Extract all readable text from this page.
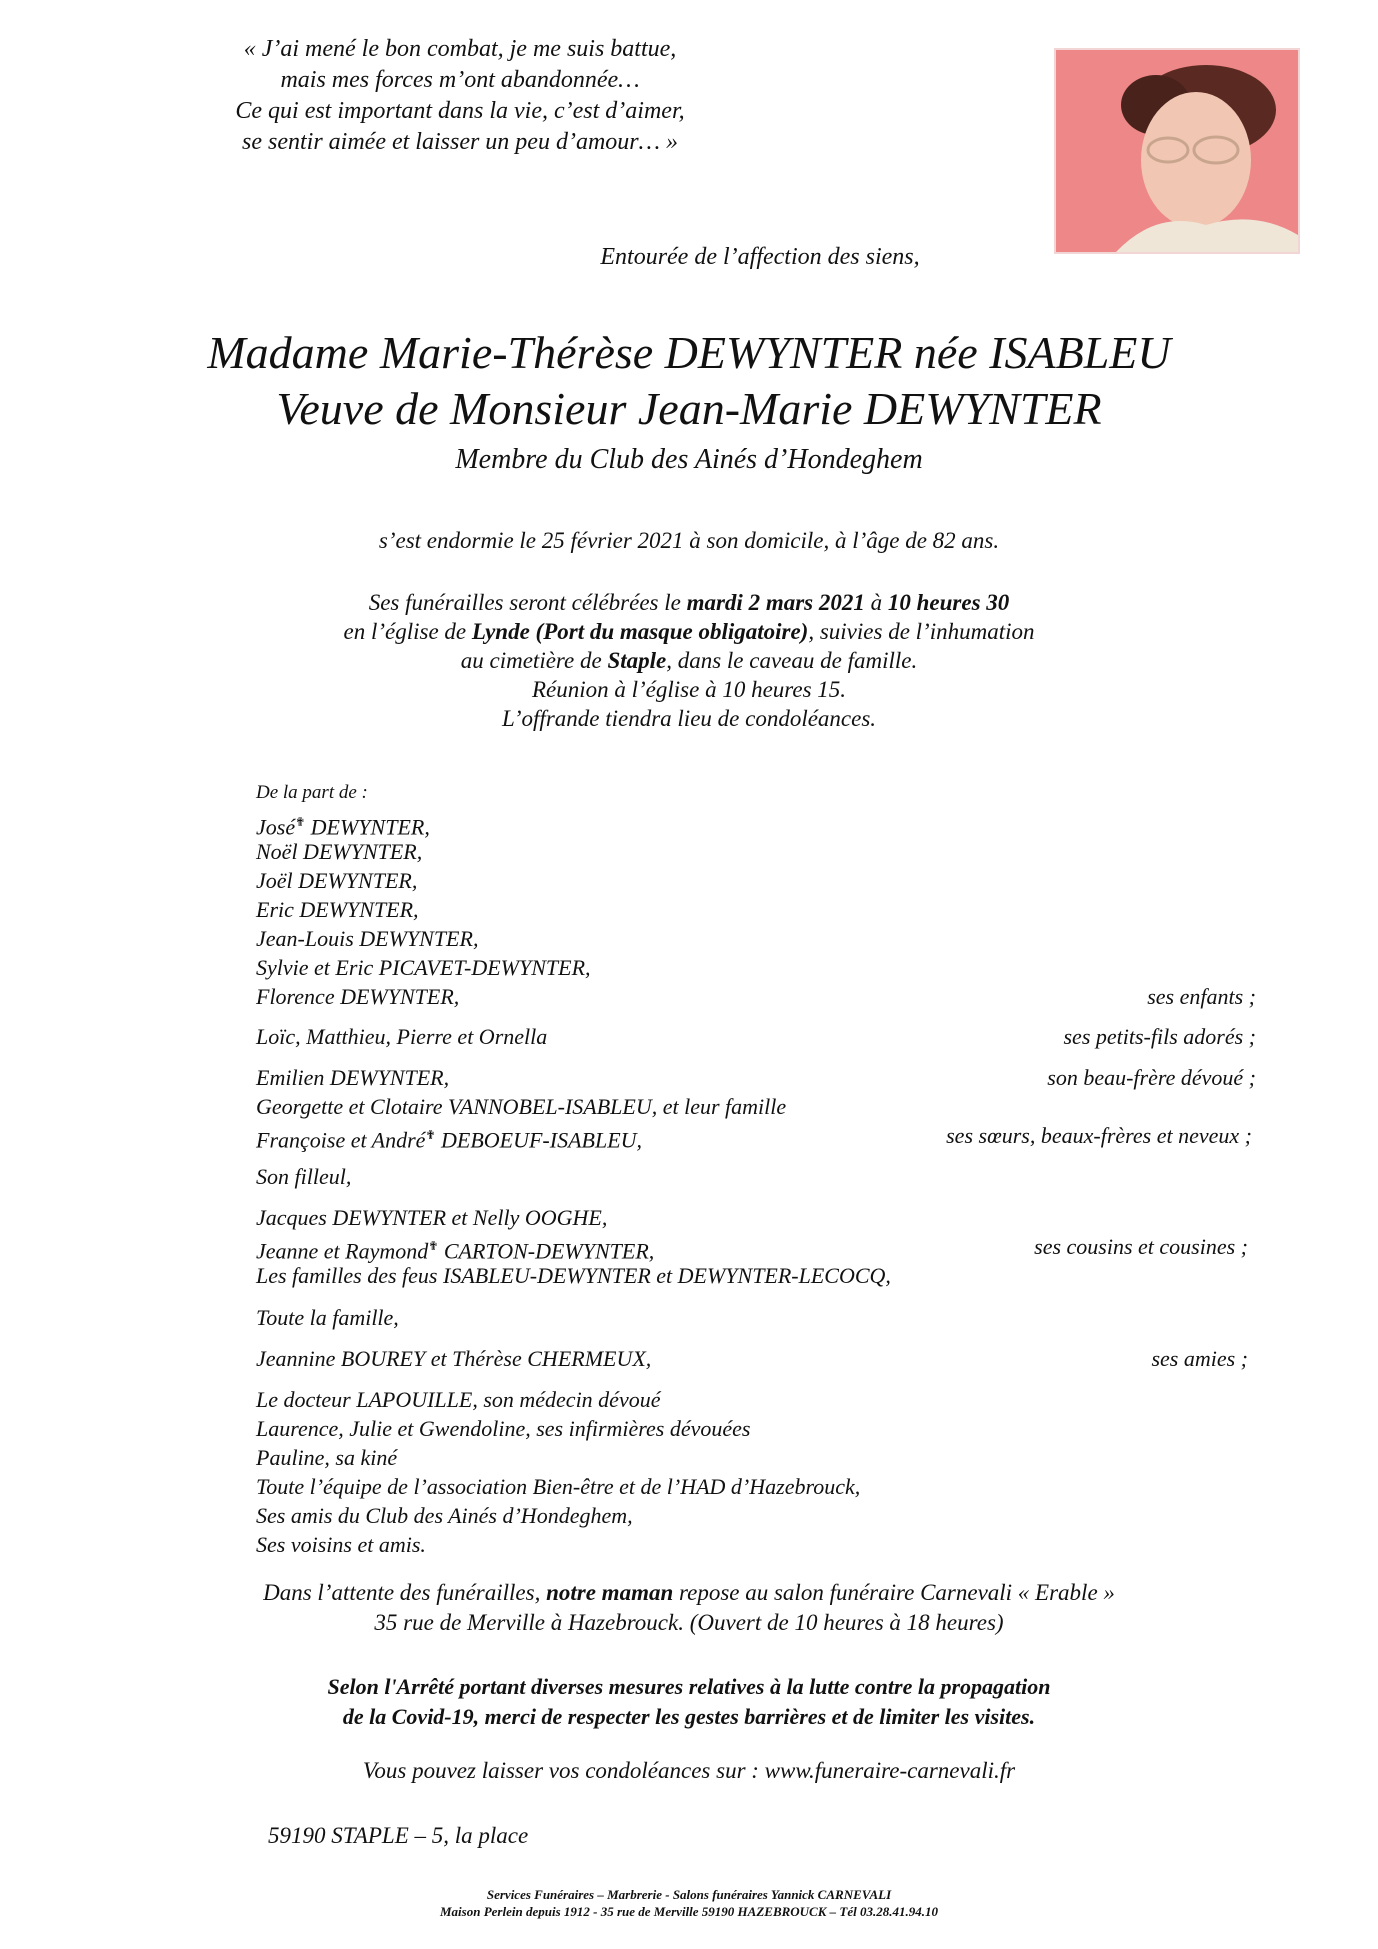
« J’ai mené le bon combat, je me suis battue,
mais mes forces m’ont abandonnée…
Ce qui est important dans la vie, c’est d’aimer,
se sentir aimée et laisser un peu d’amour… »
Entourée de l’affection des siens,
Madame Marie-Thérèse DEWYNTER née ISABLEU
Veuve de Monsieur Jean-Marie DEWYNTER
Membre du Club des Ainés d’Hondeghem
s’est endormie le 25 février 2021 à son domicile, à l’âge de 82 ans.
Ses funérailles seront célébrées le mardi 2 mars 2021 à 10 heures 30
en l’église de Lynde (Port du masque obligatoire), suivies de l’inhumation
au cimetière de Staple, dans le caveau de famille.
Réunion à l’église à 10 heures 15.
L’offrande tiendra lieu de condoléances.
De la part de :
José✟ DEWYNTER,
Noël DEWYNTER,
Joël DEWYNTER,
Eric DEWYNTER,
Jean-Louis DEWYNTER,
Sylvie et Eric PICAVET-DEWYNTER,
Florence DEWYNTER,	ses enfants ;
Loïc, Matthieu, Pierre et Ornella	ses petits-fils adorés ;
Emilien DEWYNTER,	son beau-frère dévoué ;
Georgette et Clotaire VANNOBEL-ISABLEU, et leur famille
Françoise et André✟ DEBOEUF-ISABLEU,	ses sœurs, beaux-frères et neveux ;
Son filleul,
Jacques DEWYNTER et Nelly OOGHE,
Jeanne et Raymond✟ CARTON-DEWYNTER,	ses cousins et cousines ;
Les familles des feus ISABLEU-DEWYNTER et DEWYNTER-LECOCQ,
Toute la famille,
Jeannine BOUREY et Thérèse CHERMEUX,	ses amies ;
Le docteur LAPOUILLE, son médecin dévoué
Laurence, Julie et Gwendoline, ses infirmières dévouées
Pauline, sa kiné
Toute l’équipe de l’association Bien-être et de l’HAD d’Hazebrouck,
Ses amis du Club des Ainés d’Hondeghem,
Ses voisins et amis.
Dans l’attente des funérailles, notre maman repose au salon funéraire Carnevali « Erable »
35 rue de Merville à Hazebrouck. (Ouvert de 10 heures à 18 heures)
Selon l'Arrêté portant diverses mesures relatives à la lutte contre la propagation
de la Covid-19, merci de respecter les gestes barrières et de limiter les visites.
Vous pouvez laisser vos condoléances sur : www.funeraire-carnevali.fr
59190 STAPLE – 5, la place
Services Funéraires – Marbrerie - Salons funéraires Yannick CARNEVALI
Maison Perlein depuis 1912 - 35 rue de Merville 59190 HAZEBROUCK – Tél 03.28.41.94.10
